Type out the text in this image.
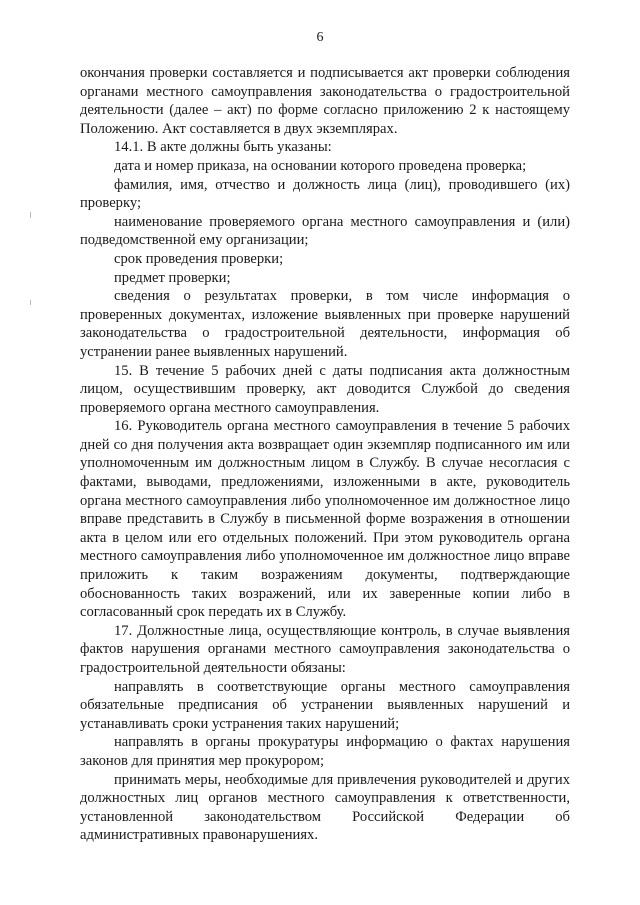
6

окончания проверки составляется и подписывается акт проверки соблюдения органами местного самоуправления законодательства о градостроительной деятельности (далее – акт) по форме согласно приложению 2 к настоящему Положению. Акт составляется в двух экземплярах.

14.1. В акте должны быть указаны:

дата и номер приказа, на основании которого проведена проверка;

фамилия, имя, отчество и должность лица (лиц), проводившего (их) проверку;

наименование проверяемого органа местного самоуправления и (или) подведомственной ему организации;

срок проведения проверки;

предмет проверки;

сведения о результатах проверки, в том числе информация о проверенных документах, изложение выявленных при проверке нарушений законодательства о градостроительной деятельности, информация об устранении ранее выявленных нарушений.

15. В течение 5 рабочих дней с даты подписания акта должностным лицом, осуществившим проверку, акт доводится Службой до сведения проверяемого органа местного самоуправления.

16. Руководитель органа местного самоуправления в течение 5 рабочих дней со дня получения акта возвращает один экземпляр подписанного им или уполномоченным им должностным лицом в Службу. В случае несогласия с фактами, выводами, предложениями, изложенными в акте, руководитель органа местного самоуправления либо уполномоченное им должностное лицо вправе представить в Службу в письменной форме возражения в отношении акта в целом или его отдельных положений. При этом руководитель органа местного самоуправления либо уполномоченное им должностное лицо вправе приложить к таким возражениям документы, подтверждающие обоснованность таких возражений, или их заверенные копии либо в согласованный срок передать их в Службу.

17. Должностные лица, осуществляющие контроль, в случае выявления фактов нарушения органами местного самоуправления законодательства о градостроительной деятельности обязаны:

направлять в соответствующие органы местного самоуправления обязательные предписания об устранении выявленных нарушений и устанавливать сроки устранения таких нарушений;

направлять в органы прокуратуры информацию о фактах нарушения законов для принятия мер прокурором;

принимать меры, необходимые для привлечения руководителей и других должностных лиц органов местного самоуправления к ответственности, установленной законодательством Российской Федерации об административных правонарушениях.
